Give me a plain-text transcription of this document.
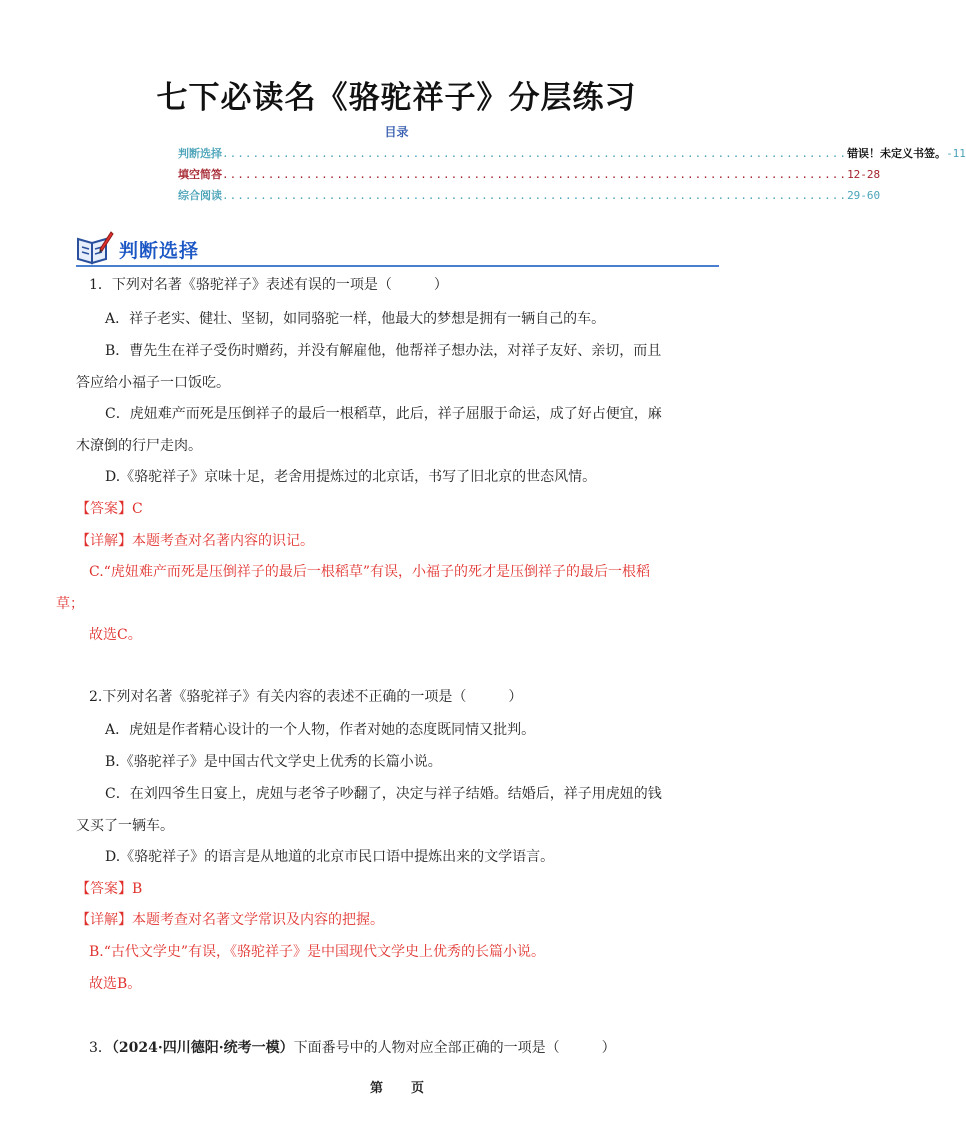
七下必读名《骆驼祥子》分层练习
目录
判断选择 .................................................................................. 错误！未定义书签。 -11
填空简答 .................................................................................. 12-28
综合阅读 .................................................................................. 29-60
判断选择
1．下列对名著《骆驼祥子》表述有误的一项是（　　　）
A．祥子老实、健壮、坚韧，如同骆驼一样，他最大的梦想是拥有一辆自己的车。
B．曹先生在祥子受伤时赠药，并没有解雇他，他帮祥子想办法，对祥子友好、亲切，而且
答应给小福子一口饭吃。
C．虎妞难产而死是压倒祥子的最后一根稻草，此后，祥子屈服于命运，成了好占便宜，麻
木潦倒的行尸走肉。
D.《骆驼祥子》京味十足，老舍用提炼过的北京话，书写了旧北京的世态风情。
【答案】C
【详解】本题考查对名著内容的识记。
C.“虎妞难产而死是压倒祥子的最后一根稻草”有误，小福子的死才是压倒祥子的最后一根稻
草；
故选C。
2.下列对名著《骆驼祥子》有关内容的表述不正确的一项是（　　　）
A．虎妞是作者精心设计的一个人物，作者对她的态度既同情又批判。
B.《骆驼祥子》是中国古代文学史上优秀的长篇小说。
C．在刘四爷生日宴上，虎妞与老爷子吵翻了，决定与祥子结婚。结婚后，祥子用虎妞的钱
又买了一辆车。
D.《骆驼祥子》的语言是从地道的北京市民口语中提炼出来的文学语言。
【答案】B
【详解】本题考查对名著文学常识及内容的把握。
B.“古代文学史”有误，《骆驼祥子》是中国现代文学史上优秀的长篇小说。
故选B。
3．（2024·四川德阳·统考一模）下面番号中的人物对应全部正确的一项是（　　　）
第 页
